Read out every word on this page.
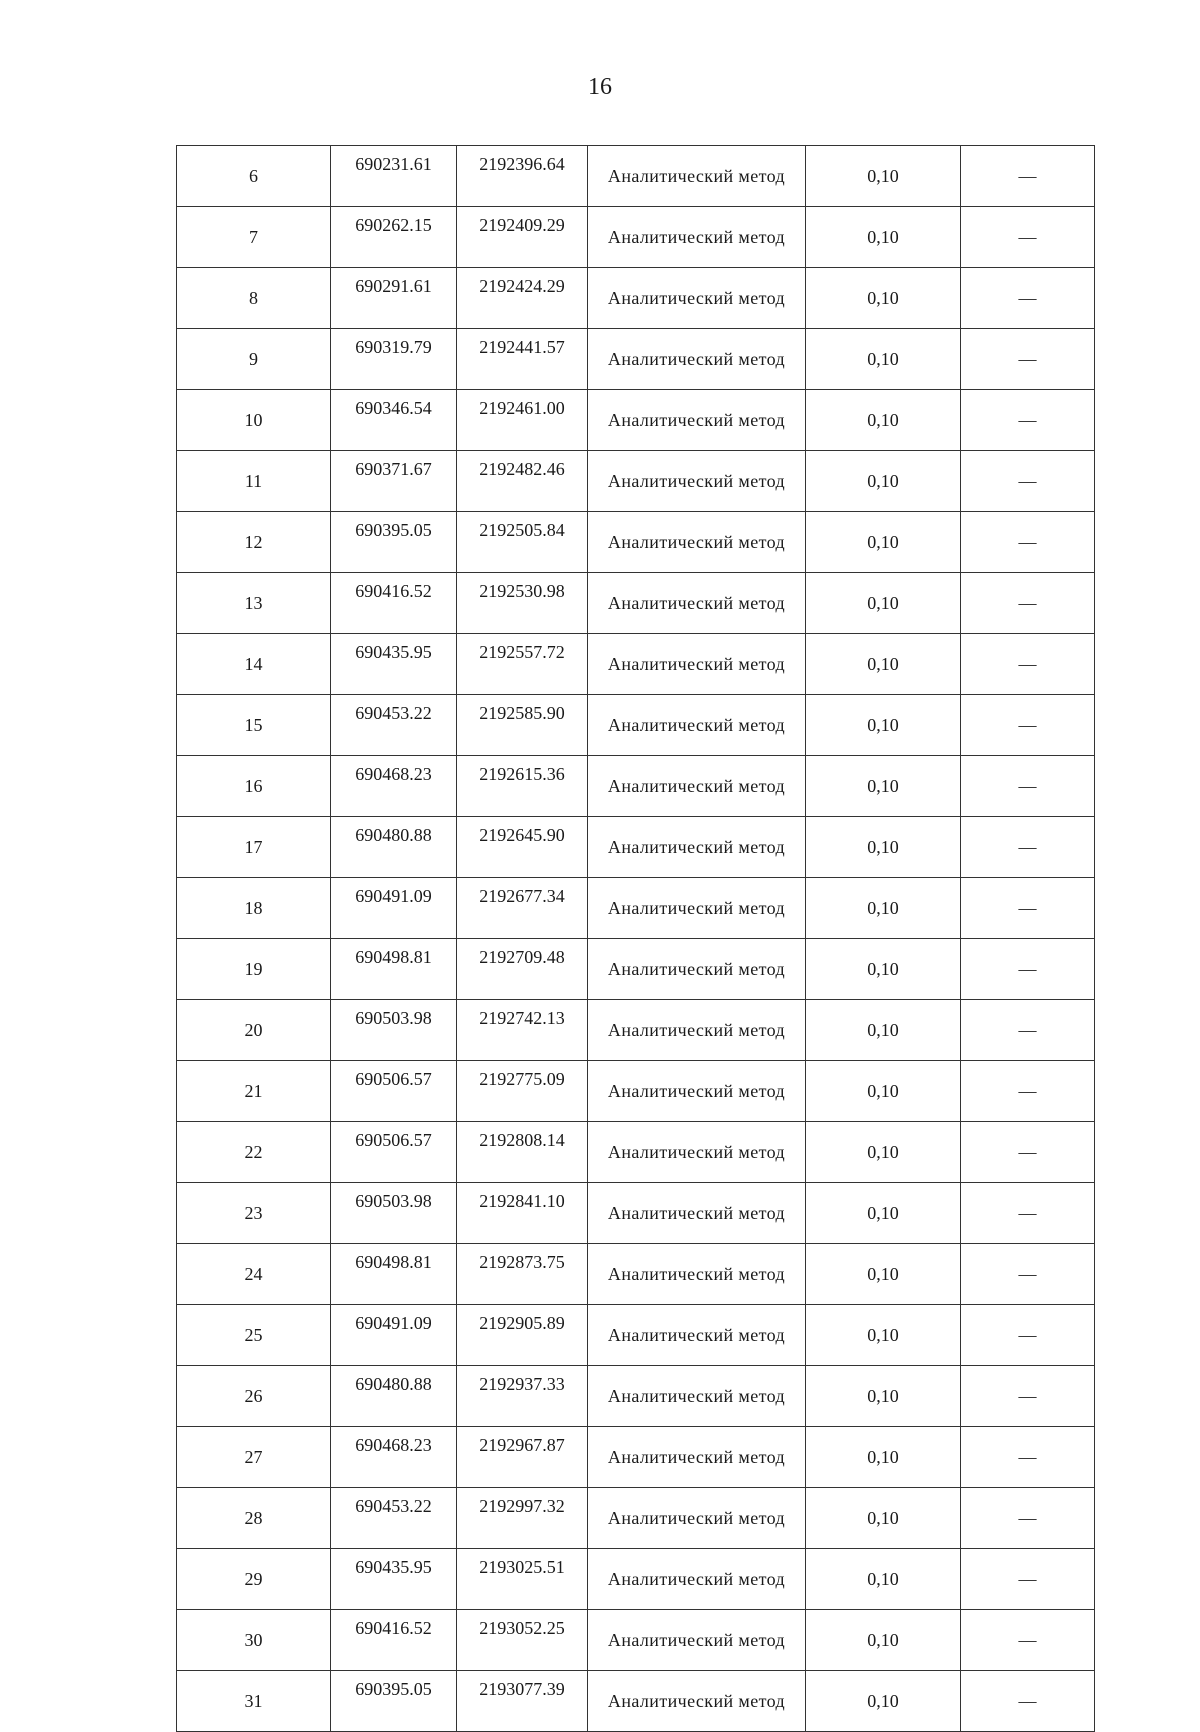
16
6	690231.61	2192396.64	Аналитический метод	0,10	—
7	690262.15	2192409.29	Аналитический метод	0,10	—
8	690291.61	2192424.29	Аналитический метод	0,10	—
9	690319.79	2192441.57	Аналитический метод	0,10	—
10	690346.54	2192461.00	Аналитический метод	0,10	—
11	690371.67	2192482.46	Аналитический метод	0,10	—
12	690395.05	2192505.84	Аналитический метод	0,10	—
13	690416.52	2192530.98	Аналитический метод	0,10	—
14	690435.95	2192557.72	Аналитический метод	0,10	—
15	690453.22	2192585.90	Аналитический метод	0,10	—
16	690468.23	2192615.36	Аналитический метод	0,10	—
17	690480.88	2192645.90	Аналитический метод	0,10	—
18	690491.09	2192677.34	Аналитический метод	0,10	—
19	690498.81	2192709.48	Аналитический метод	0,10	—
20	690503.98	2192742.13	Аналитический метод	0,10	—
21	690506.57	2192775.09	Аналитический метод	0,10	—
22	690506.57	2192808.14	Аналитический метод	0,10	—
23	690503.98	2192841.10	Аналитический метод	0,10	—
24	690498.81	2192873.75	Аналитический метод	0,10	—
25	690491.09	2192905.89	Аналитический метод	0,10	—
26	690480.88	2192937.33	Аналитический метод	0,10	—
27	690468.23	2192967.87	Аналитический метод	0,10	—
28	690453.22	2192997.32	Аналитический метод	0,10	—
29	690435.95	2193025.51	Аналитический метод	0,10	—
30	690416.52	2193052.25	Аналитический метод	0,10	—
31	690395.05	2193077.39	Аналитический метод	0,10	—
